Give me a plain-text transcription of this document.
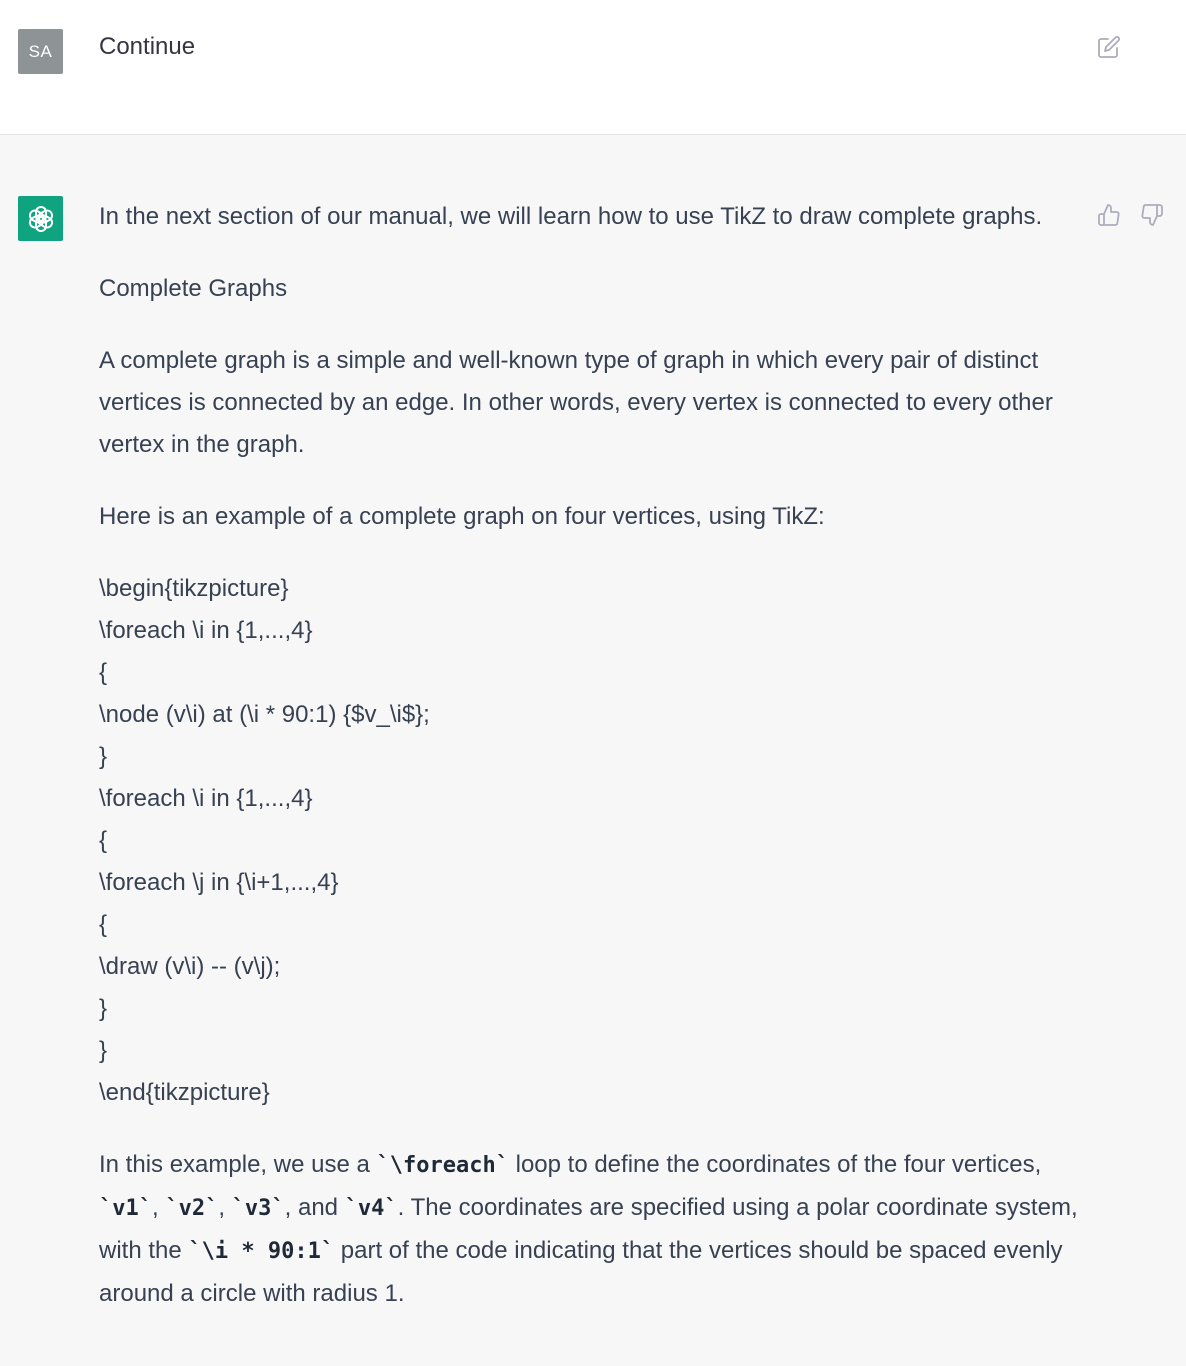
SA Continue

In the next section of our manual, we will learn how to use TikZ to draw complete graphs.

Complete Graphs

A complete graph is a simple and well-known type of graph in which every pair of distinct vertices is connected by an edge. In other words, every vertex is connected to every other vertex in the graph.

Here is an example of a complete graph on four vertices, using TikZ:

\begin{tikzpicture}
\foreach \i in {1,...,4}
{
\node (v\i) at (\i * 90:1) {$v_\i$};
}
\foreach \i in {1,...,4}
{
\foreach \j in {\i+1,...,4}
{
\draw (v\i) -- (v\j);
}
}
\end{tikzpicture}

In this example, we use a `\foreach` loop to define the coordinates of the four vertices, `v1`, `v2`, `v3`, and `v4`. The coordinates are specified using a polar coordinate system, with the `\i * 90:1` part of the code indicating that the vertices should be spaced evenly around a circle with radius 1.
